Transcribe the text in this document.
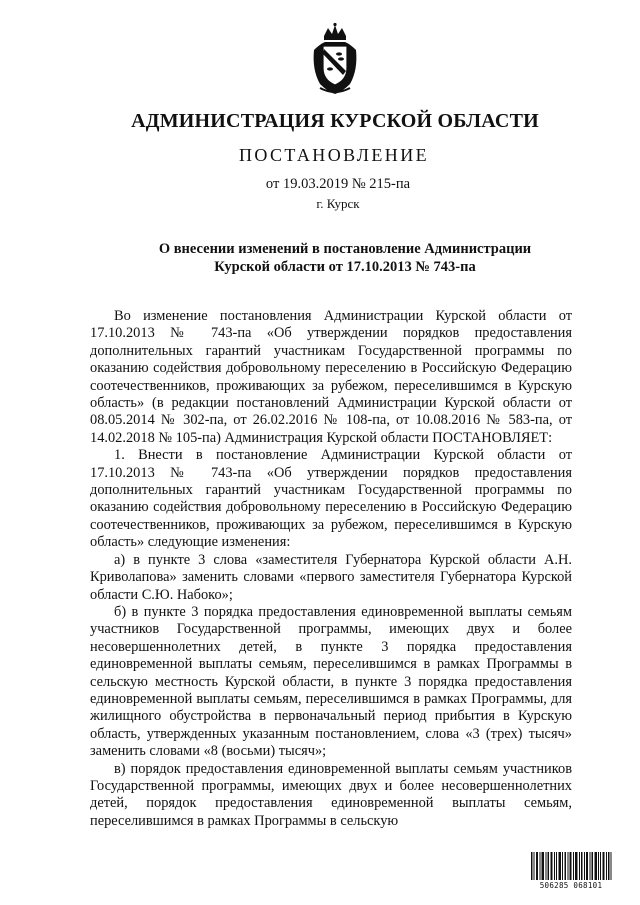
АДМИНИСТРАЦИЯ КУРСКОЙ ОБЛАСТИ
ПОСТАНОВЛЕНИЕ
от 19.03.2019 № 215-па
г. Курск
О внесении изменений в постановление Администрации
Курской области от 17.10.2013 № 743-па

Во изменение постановления Администрации Курской области от 17.10.2013 № 743-па «Об утверждении порядков предоставления дополнительных гарантий участникам Государственной программы по оказанию содействия добровольному переселению в Российскую Федерацию соотечественников, проживающих за рубежом, переселившимся в Курскую область» (в редакции постановлений Администрации Курской области от 08.05.2014 № 302-па, от 26.02.2016 № 108-па, от 10.08.2016 № 583-па, от 14.02.2018 № 105-па) Администрация Курской области ПОСТАНОВЛЯЕТ:

1. Внести в постановление Администрации Курской области от 17.10.2013 № 743-па «Об утверждении порядков предоставления дополнительных гарантий участникам Государственной программы по оказанию содействия добровольному переселению в Российскую Федерацию соотечественников, проживающих за рубежом, переселившимся в Курскую область» следующие изменения:

а) в пункте 3 слова «заместителя Губернатора Курской области А.Н. Криволапова» заменить словами «первого заместителя Губернатора Курской области С.Ю. Набоко»;

б) в пункте 3 порядка предоставления единовременной выплаты семьям участников Государственной программы, имеющих двух и более несовершеннолетних детей, в пункте 3 порядка предоставления единовременной выплаты семьям, переселившимся в рамках Программы в сельскую местность Курской области, в пункте 3 порядка предоставления единовременной выплаты семьям, переселившимся в рамках Программы, для жилищного обустройства в первоначальный период прибытия в Курскую область, утвержденных указанным постановлением, слова «3 (трех) тысяч» заменить словами «8 (восьми) тысяч»;

в) порядок предоставления единовременной выплаты семьям участников Государственной программы, имеющих двух и более несовершеннолетних детей, порядок предоставления единовременной выплаты семьям, переселившимся в рамках Программы в сельскую

506285 068101
